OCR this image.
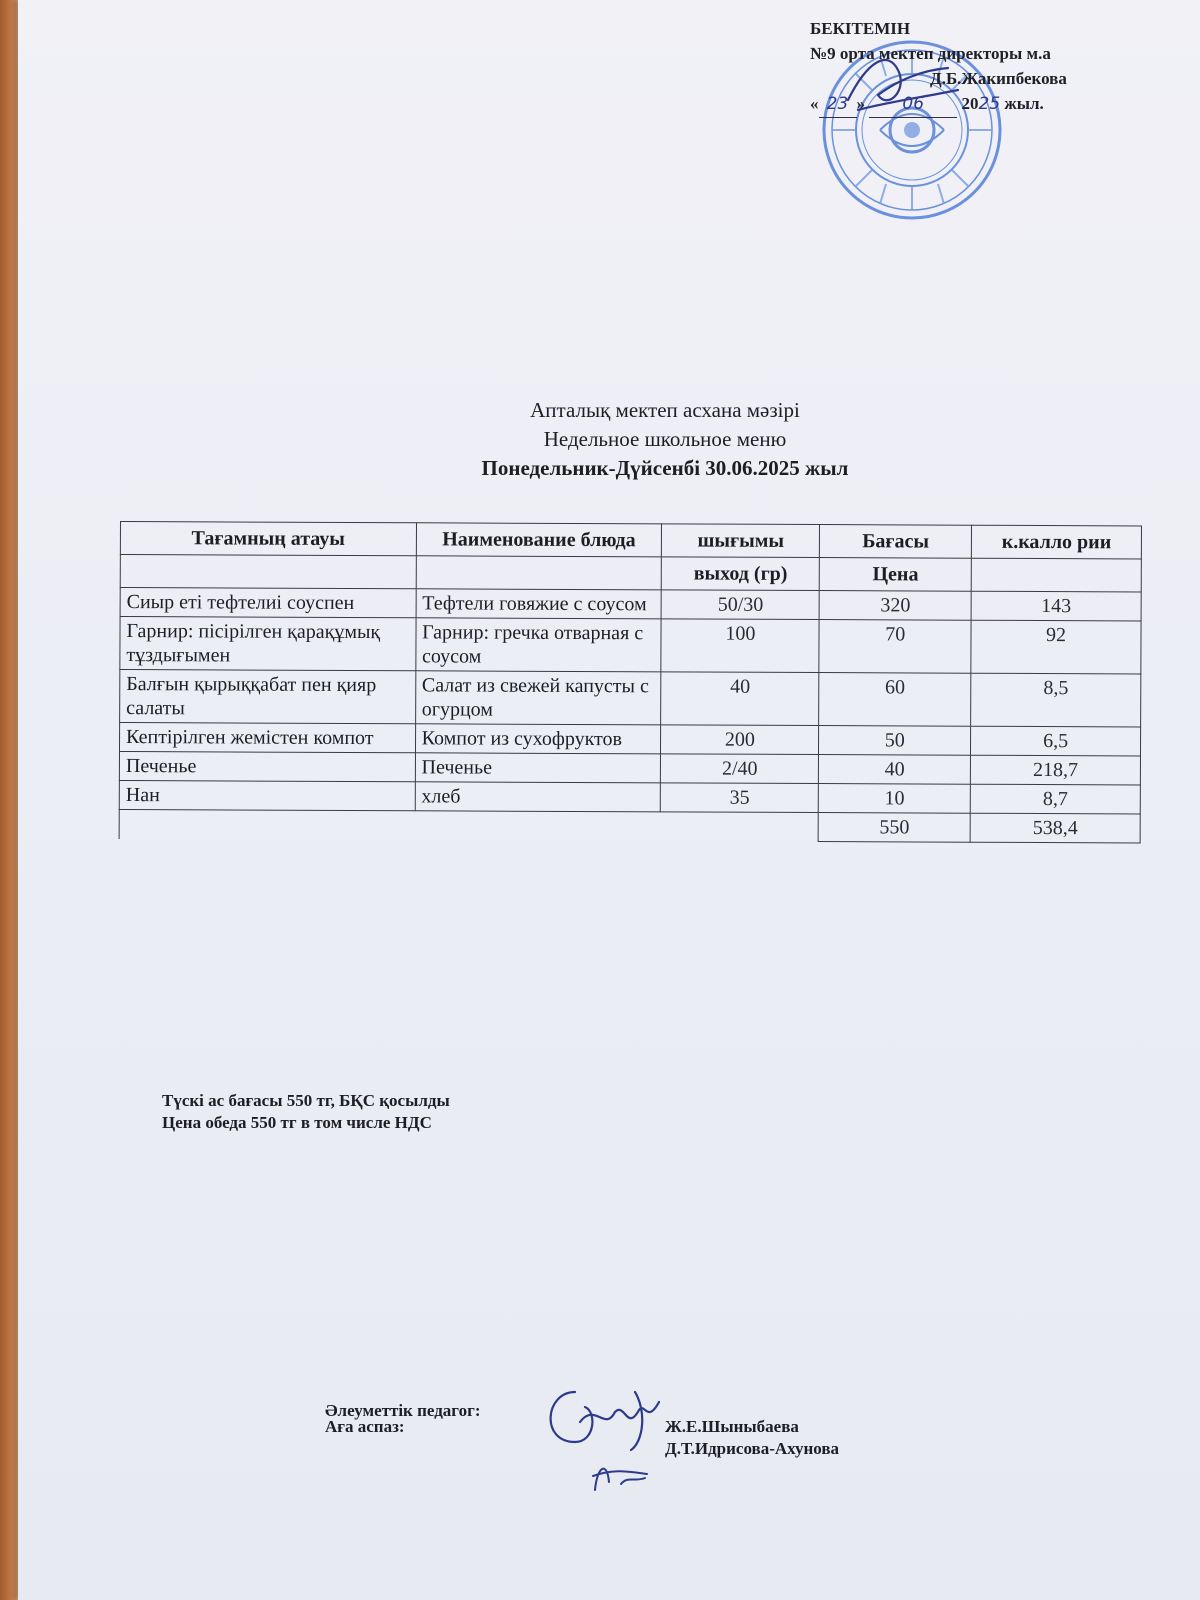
БЕКІТЕМІН
№9 орта мектеп директоры м.а
Д.Б.Жакипбекова
« 23 » 06 2025 жыл.
Апталық мектеп асхана мәзірі
Недельное школьное меню
Понедельник-Дүйсенбі 30.06.2025 жыл
Тағамның атауы	Наименование блюда	шығымы	Бағасы	к.калло рии
		выход (гр)	Цена	
Сиыр еті тефтелиі соуспен	Тефтели говяжие с соусом	50/30	320	143
Гарнир: пісірілген қарақұмық тұздығымен	Гарнир: гречка отварная с соусом	100	70	92
Балғын қырыққабат пен қияр салаты	Салат из свежей капусты с огурцом	40	60	8,5
Кептірілген жемістен компот	Компот из сухофруктов	200	50	6,5
Печенье	Печенье	2/40	40	218,7
Нан	хлеб	35	10	8,7
			550	538,4
Түскі ас бағасы 550 тг, БҚС қосылды
Цена обеда 550 тг в том числе НДС
Әлеуметтік педагог:
Ж.Е.Шыныбаева
Аға аспаз:
Д.Т.Идрисова-Ахунова
